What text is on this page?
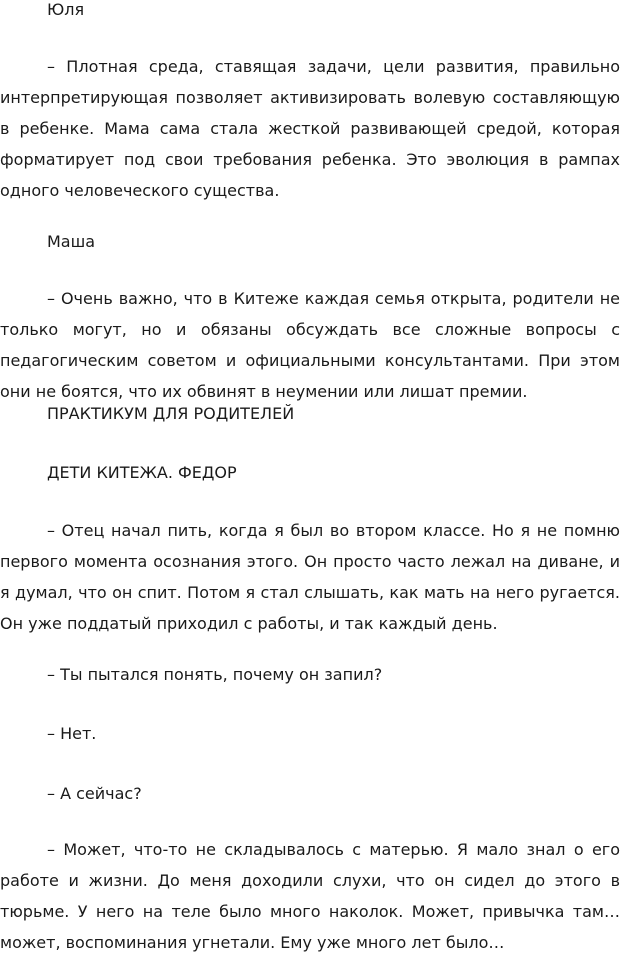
Юля

– Плотная среда, ставящая задачи, цели развития, правильно интерпретирующая позволяет активизировать волевую составляющую в ребенке. Мама сама стала жесткой развивающей средой, которая форматирует под свои требования ребенка. Это эволюция в рампах одного человеческого существа.

Маша

– Очень важно, что в Китеже каждая семья открыта, родители не только могут, но и обязаны обсуждать все сложные вопросы с педагогическим советом и официальными консультантами. При этом они не боятся, что их обвинят в неумении или лишат премии.

ПРАКТИКУМ ДЛЯ РОДИТЕЛЕЙ

ДЕТИ КИТЕЖА. ФЕДОР

– Отец начал пить, когда я был во втором классе. Но я не помню первого момента осознания этого. Он просто часто лежал на диване, и я думал, что он спит. Потом я стал слышать, как мать на него ругается. Он уже поддатый приходил с работы, и так каждый день.

– Ты пытался понять, почему он запил?

– Нет.

– А сейчас?

– Может, что-то не складывалось с матерью. Я мало знал о его работе и жизни. До меня доходили слухи, что он сидел до этого в тюрьме. У него на теле было много наколок. Может, привычка там… может, воспоминания угнетали. Ему уже много лет было…
